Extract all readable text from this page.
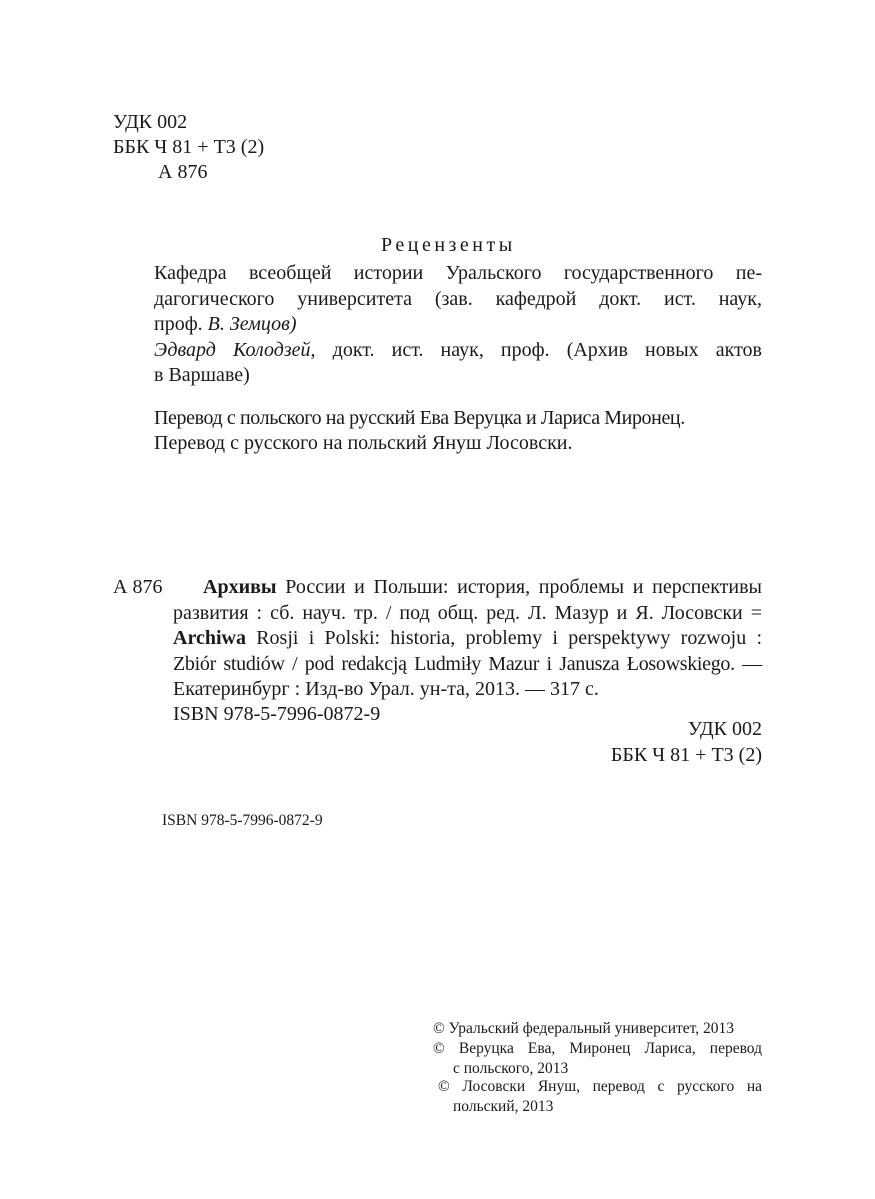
УДК 002
ББК Ч 81 + Т3 (2)
А 876
Рецензенты
Кафедра всеобщей истории Уральского государственного пе-
дагогического университета (зав. кафедрой докт. ист. наук,
проф. В. Земцов)
Эдвард Колодзей, докт. ист. наук, проф. (Архив новых актов
в Варшаве)
Перевод с польского на русский Ева Веруцка и Лариса Миронец.
Перевод с русского на польский Януш Лосовски.
А 876	Архивы России и Польши: история, проблемы и перспективы
развития : сб. науч. тр. / под общ. ред. Л. Мазур и Я. Лосовски =
Archiwa Rosji i Polski: historia, problemy i perspektywy rozwoju :
Zbiór studiów / pod redakcją Ludmiły Mazur i Janusza Łosowskiego. —
Екатеринбург : Изд-во Урал. ун-та, 2013. — 317 с.
ISBN 978-5-7996-0872-9
УДК 002
ББК Ч 81 + Т3 (2)
ISBN 978-5-7996-0872-9
© Уральский федеральный университет, 2013
© Веруцка Ева, Миронец Лариса, перевод
с польского, 2013
© Лосовски Януш, перевод с русского на
польский, 2013
